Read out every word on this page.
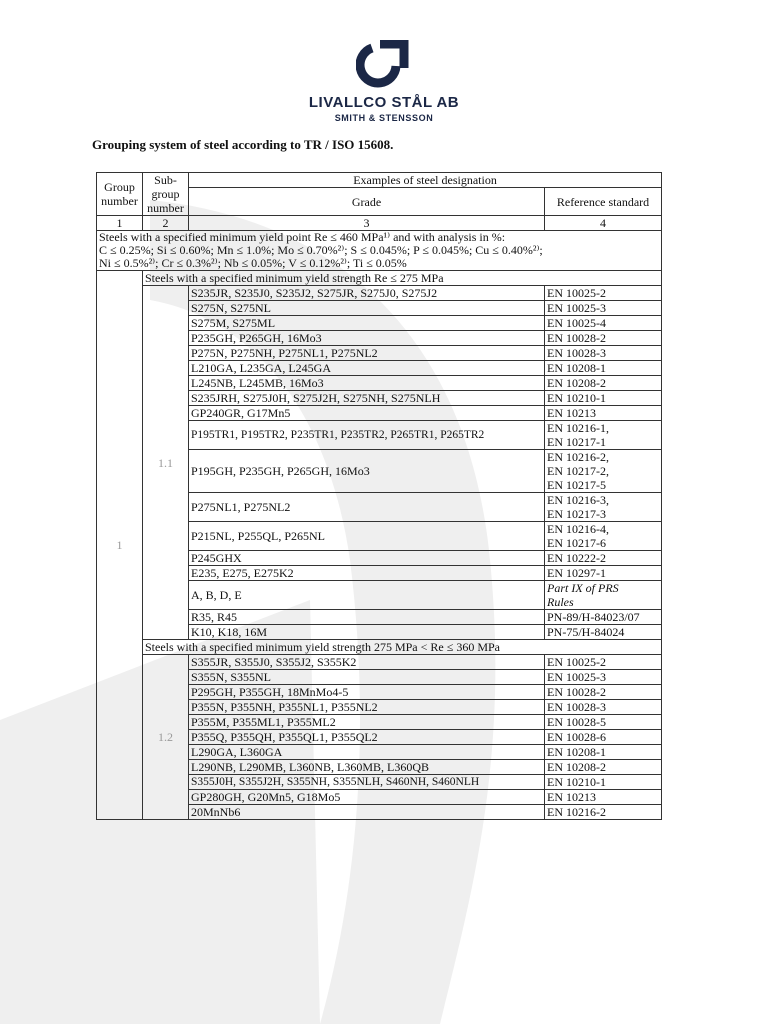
LIVALLCO STÅL AB
SMITH & STENSSON
Grouping system of steel according to TR / ISO 15608.
Group number	Sub-group number	Examples of steel designation	
		Grade	Reference standard
1	2	3	4

Steels with a specified minimum yield point Re ≤ 460 MPa¹⁾ and with analysis in %:
C ≤ 0.25%; Si ≤ 0.60%; Mn ≤ 1.0%; Mo ≤ 0.70%²⁾; S ≤ 0.045%; P ≤ 0.045%; Cu ≤ 0.40%²⁾;
Ni ≤ 0.5%²⁾; Cr ≤ 0.3%²⁾; Nb ≤ 0.05%; V ≤ 0.12%²⁾; Ti ≤ 0.05%			

1	Steels with a specified minimum yield strength Re ≤ 275 MPa		
	1.1	S235JR, S235J0, S235J2, S275JR, S275J0, S275J2	EN 10025-2
		S275N, S275NL	EN 10025-3
		S275M, S275ML	EN 10025-4
		P235GH, P265GH, 16Mo3	EN 10028-2
		P275N, P275NH, P275NL1, P275NL2	EN 10028-3
		L210GA, L235GA, L245GA	EN 10208-1
		L245NB, L245MB, 16Mo3	EN 10208-2
		S235JRH, S275J0H, S275J2H, S275NH, S275NLH	EN 10210-1
		GP240GR, G17Mn5	EN 10213
		P195TR1, P195TR2, P235TR1, P235TR2, P265TR1, P265TR2	EN 10216-1,
EN 10217-1

		P195GH, P235GH, P265GH, 16Mo3	EN 10216-2,
EN 10217-2,
EN 10217-5

		P275NL1, P275NL2	EN 10216-3,
EN 10217-3

		P215NL, P255QL, P265NL	EN 10216-4,
EN 10217-6

		P245GHX	EN 10222-2
		E235, E275, E275K2	EN 10297-1
		A, B, D, E	Part IX of PRS
Rules

		R35, R45	PN-89/H-84023/07
		K10, K18, 16M	PN-75/H-84024
	Steels with a specified minimum yield strength 275 MPa < Re ≤ 360 MPa		
	1.2	S355JR, S355J0, S355J2, S355K2	EN 10025-2
		S355N, S355NL	EN 10025-3
		P295GH, P355GH, 18MnMo4-5	EN 10028-2
		P355N, P355NH, P355NL1, P355NL2	EN 10028-3
		P355M, P355ML1, P355ML2	EN 10028-5
		P355Q, P355QH, P355QL1, P355QL2	EN 10028-6
		L290GA, L360GA	EN 10208-1
		L290NB, L290MB, L360NB, L360MB, L360QB	EN 10208-2
		S355J0H, S355J2H, S355NH, S355NLH, S460NH, S460NLH	EN 10210-1
		GP280GH, G20Mn5, G18Mo5	EN 10213
		20MnNb6	EN 10216-2
